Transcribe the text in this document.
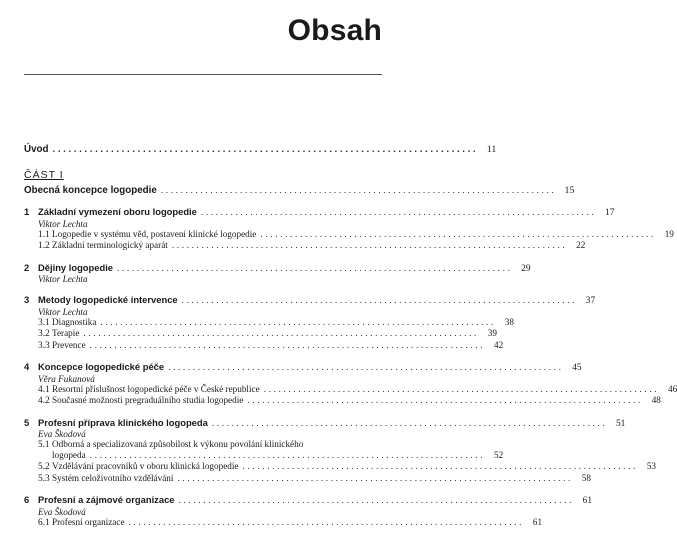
Obsah
Úvod ................................................................................ 11
ČÁST I
Obecná koncepce logopedie ................................................................................ 15
1 Základní vymezení oboru logopedie ................................................................................ 17
Viktor Lechta
1.1 Logopedie v systému věd, postavení klinické logopedie ................................................................................ 19
1.2 Základní terminologický aparát ................................................................................ 22
2 Dějiny logopedie ................................................................................ 29
Viktor Lechta
3 Metody logopedické intervence ................................................................................ 37
Viktor Lechta
3.1 Diagnostika ................................................................................ 38
3.2 Terapie ................................................................................ 39
3.3 Prevence ................................................................................ 42
4 Koncepce logopedické péče ................................................................................ 45
Věra Fukanová
4.1 Resortní příslušnost logopedické péče v České republice ................................................................................ 46
4.2 Současné možnosti pregraduálního studia logopedie ................................................................................ 48
5 Profesní příprava klinického logopeda ................................................................................ 51
Eva Škodová
5.1 Odborná a specializovaná způsobilost k výkonu povolání klinického
logopeda ................................................................................ 52
5.2 Vzdělávání pracovníků v oboru klinická logopedie ................................................................................ 53
5.3 Systém celoživotního vzdělávání ................................................................................ 58
6 Profesní a zájmové organizace ................................................................................ 61
Eva Škodová
6.1 Profesní organizace ................................................................................ 61
